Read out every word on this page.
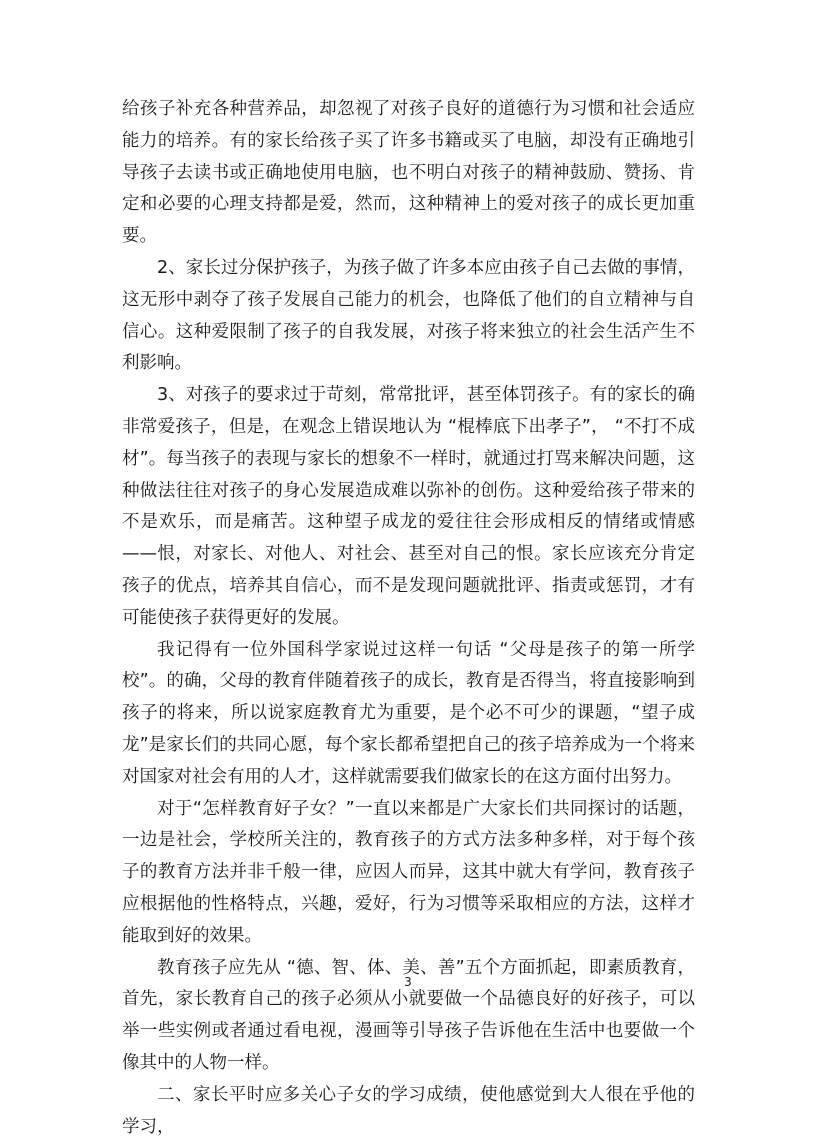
给孩子补充各种营养品，却忽视了对孩子良好的道德行为习惯和社会适应能力的培养。有的家长给孩子买了许多书籍或买了电脑，却没有正确地引导孩子去读书或正确地使用电脑，也不明白对孩子的精神鼓励、赞扬、肯定和必要的心理支持都是爱，然而，这种精神上的爱对孩子的成长更加重要。

2、家长过分保护孩子，为孩子做了许多本应由孩子自己去做的事情，这无形中剥夺了孩子发展自己能力的机会，也降低了他们的自立精神与自信心。这种爱限制了孩子的自我发展，对孩子将来独立的社会生活产生不利影响。

3、对孩子的要求过于苛刻，常常批评，甚至体罚孩子。有的家长的确非常爱孩子，但是，在观念上错误地认为 “棍棒底下出孝子”， “不打不成材”。每当孩子的表现与家长的想象不一样时，就通过打骂来解决问题，这种做法往往对孩子的身心发展造成难以弥补的创伤。这种爱给孩子带来的不是欢乐，而是痛苦。这种望子成龙的爱往往会形成相反的情绪或情感——恨，对家长、对他人、对社会、甚至对自己的恨。家长应该充分肯定孩子的优点，培养其自信心，而不是发现问题就批评、指责或惩罚，才有可能使孩子获得更好的发展。

我记得有一位外国科学家说过这样一句话 “父母是孩子的第一所学校”。的确，父母的教育伴随着孩子的成长，教育是否得当，将直接影响到孩子的将来，所以说家庭教育尤为重要，是个必不可少的课题，“望子成龙”是家长们的共同心愿，每个家长都希望把自己的孩子培养成为一个将来对国家对社会有用的人才，这样就需要我们做家长的在这方面付出努力。

对于“怎样教育好子女？”一直以来都是广大家长们共同探讨的话题，一边是社会，学校所关注的，教育孩子的方式方法多种多样，对于每个孩子的教育方法并非千般一律，应因人而异，这其中就大有学问，教育孩子应根据他的性格特点，兴趣，爱好，行为习惯等采取相应的方法，这样才能取到好的效果。

教育孩子应先从 “德、智、体、美、善”五个方面抓起，即素质教育，首先，家长教育自己的孩子必须从小就要做一个品德良好的好孩子，可以举一些实例或者通过看电视，漫画等引导孩子告诉他在生活中也要做一个像其中的人物一样。

二、家长平时应多关心子女的学习成绩，使他感觉到大人很在乎他的学习，

3
